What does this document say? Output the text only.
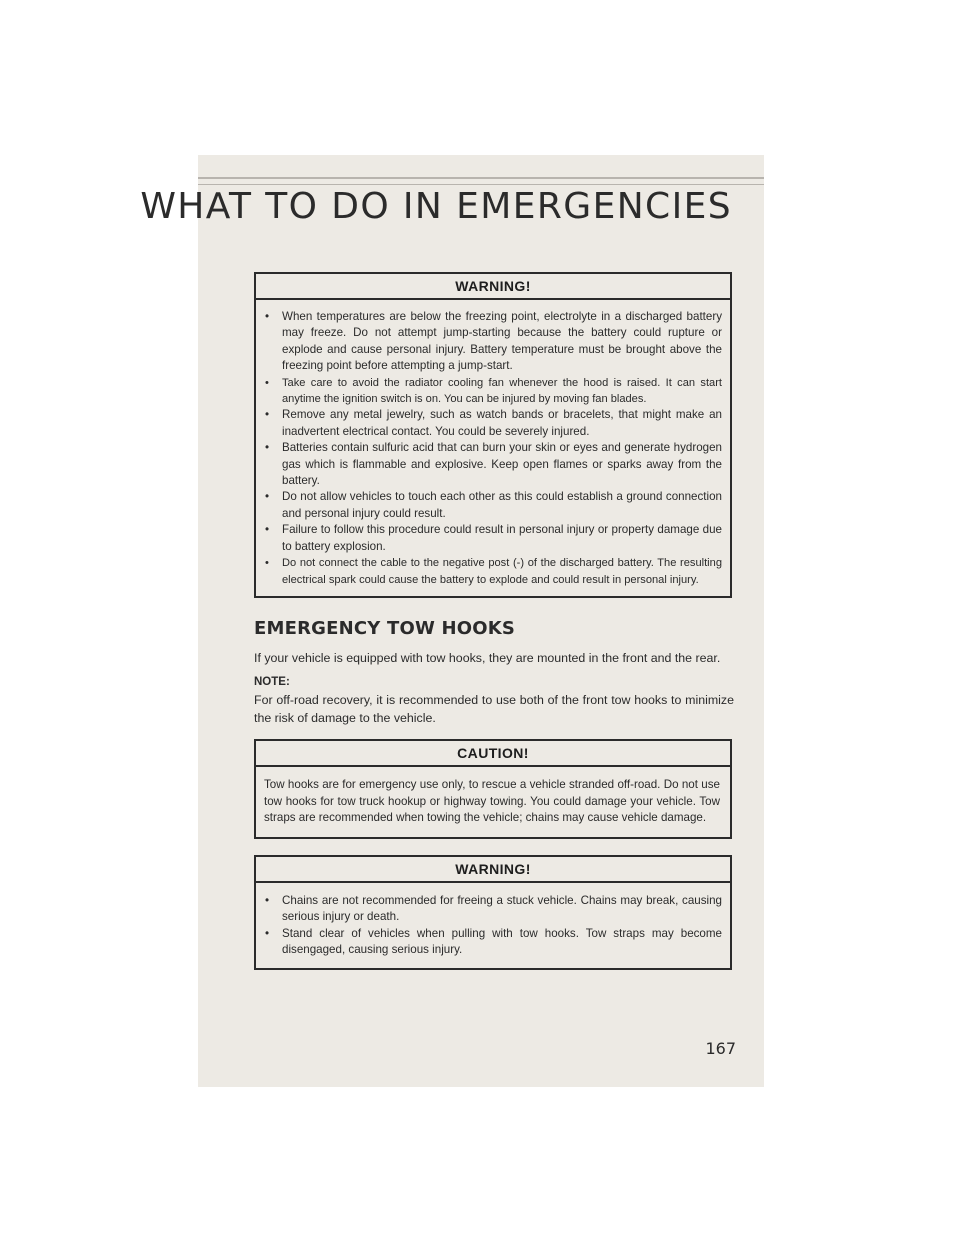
WHAT TO DO IN EMERGENCIES
WARNING!
• When temperatures are below the freezing point, electrolyte in a discharged battery may freeze. Do not attempt jump-starting because the battery could rupture or explode and cause personal injury. Battery temperature must be brought above the freezing point before attempting a jump-start.
• Take care to avoid the radiator cooling fan whenever the hood is raised. It can start anytime the ignition switch is on. You can be injured by moving fan blades.
• Remove any metal jewelry, such as watch bands or bracelets, that might make an inadvertent electrical contact. You could be severely injured.
• Batteries contain sulfuric acid that can burn your skin or eyes and generate hydrogen gas which is flammable and explosive. Keep open flames or sparks away from the battery.
• Do not allow vehicles to touch each other as this could establish a ground connection and personal injury could result.
• Failure to follow this procedure could result in personal injury or property damage due to battery explosion.
• Do not connect the cable to the negative post (-) of the discharged battery. The resulting electrical spark could cause the battery to explode and could result in personal injury.
EMERGENCY TOW HOOKS
If your vehicle is equipped with tow hooks, they are mounted in the front and the rear.
NOTE:
For off-road recovery, it is recommended to use both of the front tow hooks to minimize the risk of damage to the vehicle.
CAUTION!

Tow hooks are for emergency use only, to rescue a vehicle stranded off-road. Do not use tow hooks for tow truck hookup or highway towing. You could damage your vehicle. Tow straps are recommended when towing the vehicle; chains may cause vehicle damage.

WARNING!
• Chains are not recommended for freeing a stuck vehicle. Chains may break, causing serious injury or death.
• Stand clear of vehicles when pulling with tow hooks. Tow straps may become disengaged, causing serious injury.
167
